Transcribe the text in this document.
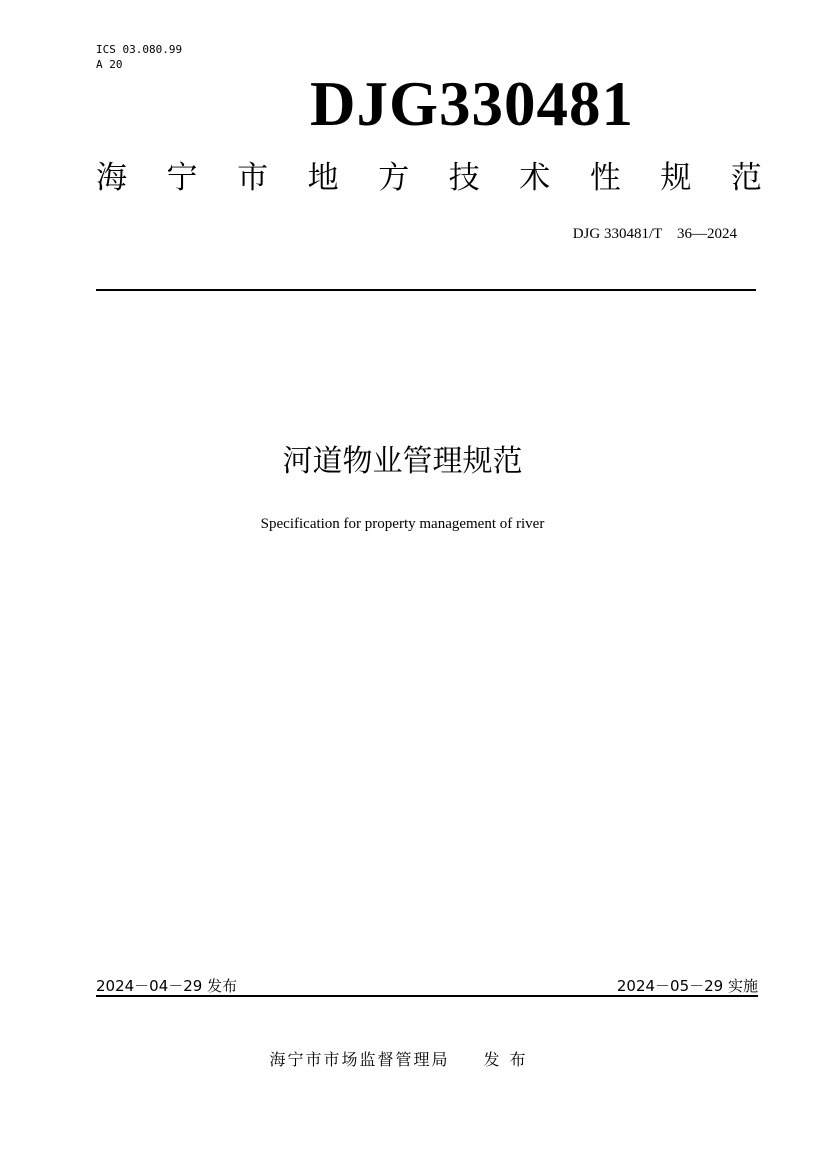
ICS 03.080.99
A 20
DJG330481
海 宁 市 地 方 技 术 性 规 范
DJG 330481/T　36—2024
河道物业管理规范
Specification for property management of river
2024－04－29 发布	2024－05－29 实施
海宁市市场监督管理局 发布
